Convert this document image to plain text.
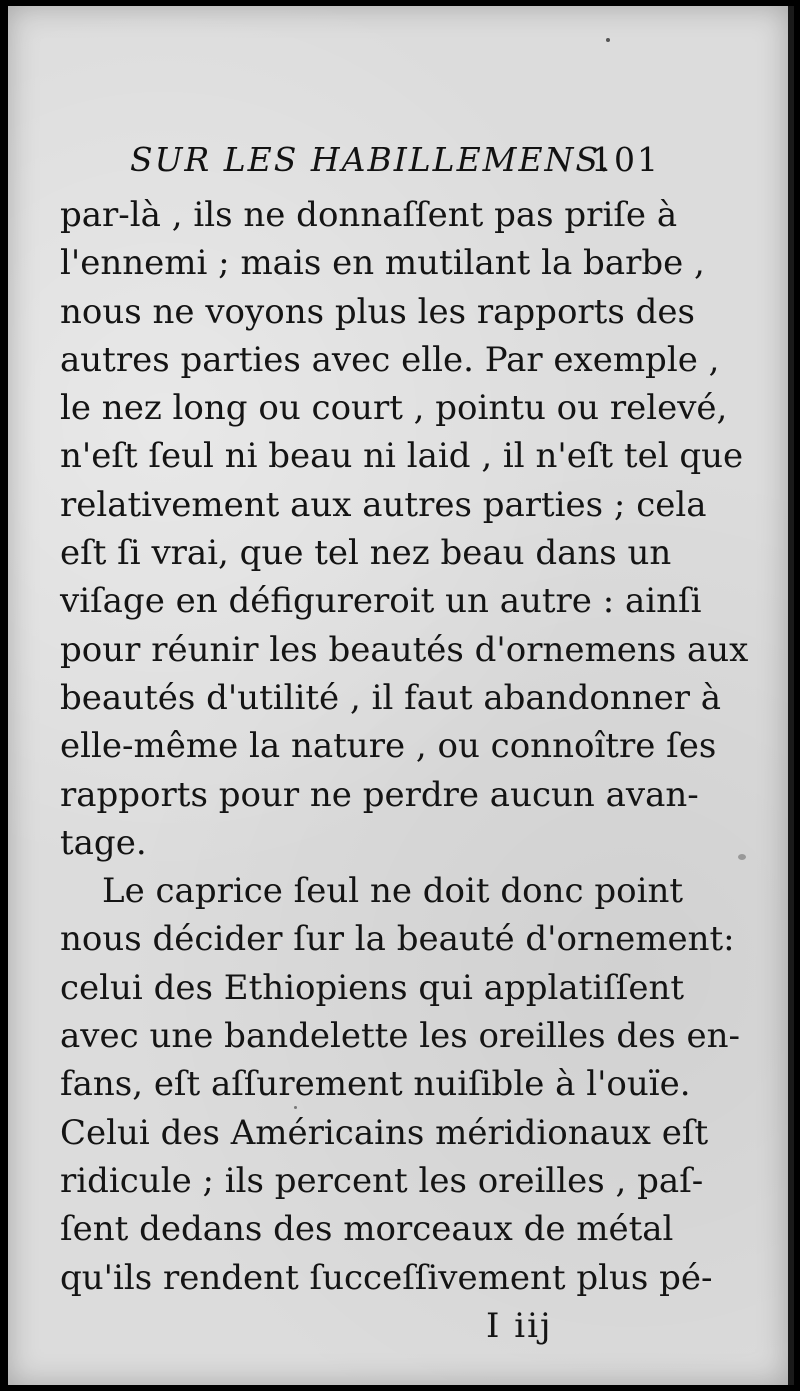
SUR LES HABILLEMENS.
101
par-là , ils ne donnaſſent pas priſe à
l'ennemi ; mais en mutilant la barbe ,
nous ne voyons plus les rapports des
autres parties avec elle. Par exemple ,
le nez long ou court , pointu ou relevé,
n'eſt ſeul ni beau ni laid , il n'eſt tel que
relativement aux autres parties ; cela
eſt ſi vrai, que tel nez beau dans un
viſage en défigureroit un autre : ainſi
pour réunir les beautés d'ornemens aux
beautés d'utilité , il faut abandonner à
elle-même la nature , ou connoître ſes
rapports pour ne perdre aucun avan-
tage.
Le caprice ſeul ne doit donc point
nous décider ſur la beauté d'ornement:
celui des Ethiopiens qui applatiſſent
avec une bandelette les oreilles des en-
fans, eſt aſſurement nuiſible à l'ouïe.
Celui des Américains méridionaux eſt
ridicule ; ils percent les oreilles , paſ-
ſent dedans des morceaux de métal
qu'ils rendent ſucceſſivement plus pé-
I iij
